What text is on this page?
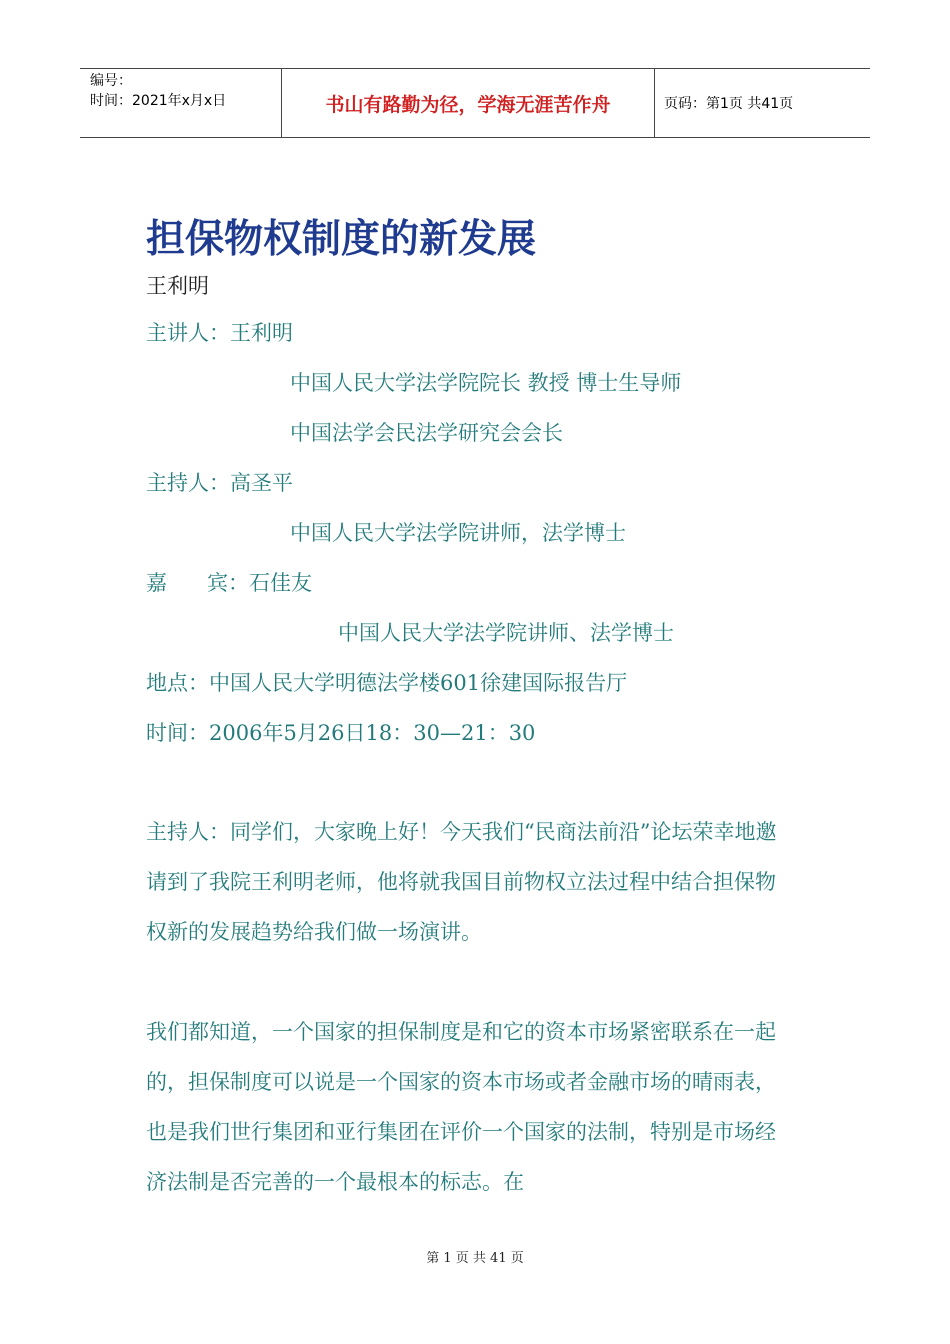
编号：
时间：2021年x月x日	书山有路勤为径，学海无涯苦作舟	页码：第1页 共41页
担保物权制度的新发展
王利明
主讲人：王利明
中国人民大学法学院院长 教授 博士生导师
中国法学会民法学研究会会长
主持人：高圣平
中国人民大学法学院讲师，法学博士
嘉      宾：石佳友
中国人民大学法学院讲师、法学博士
地点：中国人民大学明德法学楼601徐建国际报告厅
时间：2006年5月26日18：30—21：30

主持人：同学们，大家晚上好！今天我们“民商法前沿”论坛荣幸地邀请到了我院王利明老师，他将就我国目前物权立法过程中结合担保物权新的发展趋势给我们做一场演讲。

我们都知道，一个国家的担保制度是和它的资本市场紧密联系在一起的，担保制度可以说是一个国家的资本市场或者金融市场的晴雨表，也是我们世行集团和亚行集团在评价一个国家的法制，特别是市场经济法制是否完善的一个最根本的标志。在

第 1 页 共 41 页
